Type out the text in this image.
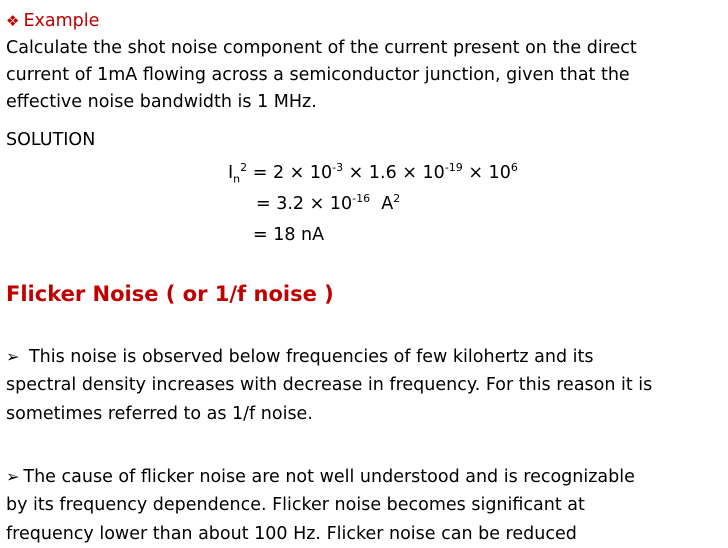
❖ Example
Calculate the shot noise component of the current present on the direct
current of 1mA flowing across a semiconductor junction, given that the
effective noise bandwidth is 1 MHz.
SOLUTION
$I_n^2 = 2 \times 10^{-3} \times 1.6 \times 10^{-19} \times 10^6$
= $3.2 \times 10^{-16}$  $A^2$
= 18 nA
Flicker Noise ( or 1/f noise )
➢ This noise is observed below frequencies of few kilohertz and its
spectral density increases with decrease in frequency. For this reason it is
sometimes referred to as 1/f noise.
➢ The cause of flicker noise are not well understood and is recognizable
by its frequency dependence. Flicker noise becomes significant at
frequency lower than about 100 Hz. Flicker noise can be reduced
